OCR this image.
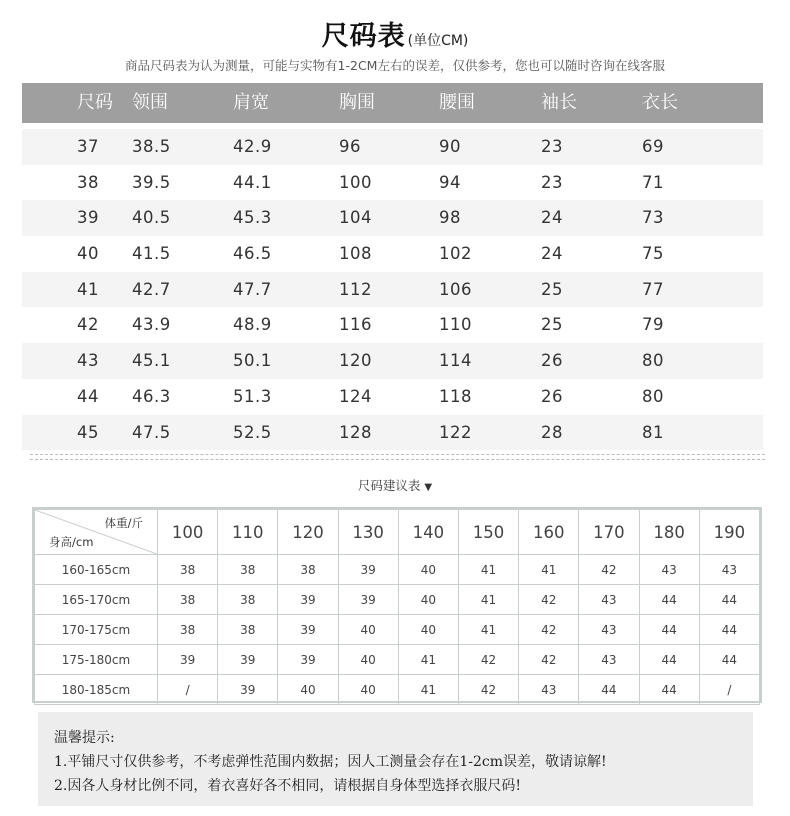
尺码表 (单位CM)
商品尺码表为认为测量，可能与实物有1-2CM左右的误差，仅供参考，您也可以随时咨询在线客服
尺码	领围	肩宽	胸围	腰围	袖长	衣长
37	38.5	42.9	96	90	23	69
38	39.5	44.1	100	94	23	71
39	40.5	45.3	104	98	24	73
40	41.5	46.5	108	102	24	75
41	42.7	47.7	112	106	25	77
42	43.9	48.9	116	110	25	79
43	45.1	50.1	120	114	26	80
44	46.3	51.3	124	118	26	80
45	47.5	52.5	128	122	28	81
尺码建议表 ▼
体重/斤
身高/cm	100	110	120	130	140	150	160	170	180	190
160-165cm	38	38	38	39	40	41	41	42	43	43
165-170cm	38	38	39	39	40	41	42	43	44	44
170-175cm	38	38	39	40	40	41	42	43	44	44
175-180cm	39	39	39	40	41	42	42	43	44	44
180-185cm	/	39	40	40	41	42	43	44	44	/
温馨提示:
1.平铺尺寸仅供参考，不考虑弹性范围内数据；因人工测量会存在1-2cm误差，敬请谅解!
2.因各人身材比例不同，着衣喜好各不相同，请根据自身体型选择衣服尺码!
